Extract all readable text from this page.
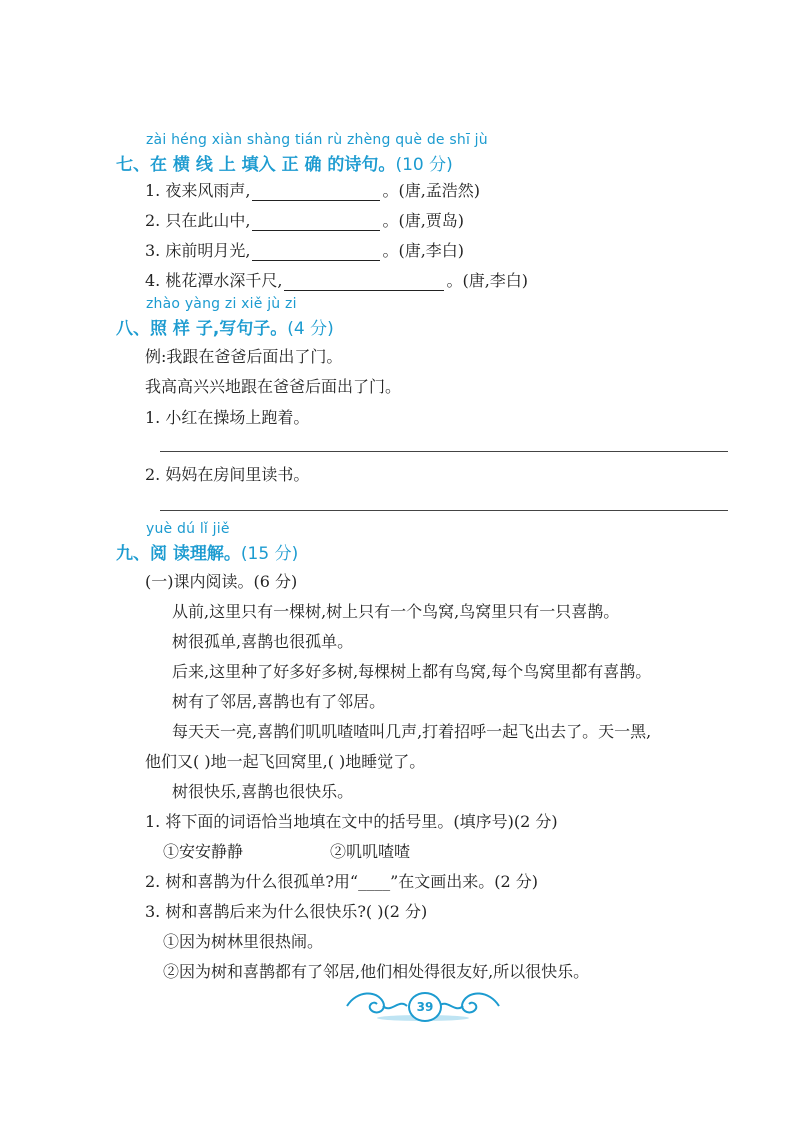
zài héng xiàn shàng tián rù zhèng què de shī jù
七、在 横 线 上 填入 正 确 的诗句。(10 分)
1. 夜来风雨声,	。(唐,孟浩然)
2. 只在此山中,	。(唐,贾岛)
3. 床前明月光,	。(唐,李白)
4. 桃花潭水深千尺,	。(唐,李白)
zhào yàng zi xiě jù zi
八、照 样 子,写句子。(4 分)
例:我跟在爸爸后面出了门。
我高高兴兴地跟在爸爸后面出了门。
1. 小红在操场上跑着。
2. 妈妈在房间里读书。
yuè dú lǐ jiě
九、阅 读理解。(15 分)
(一)课内阅读。(6 分)
从前,这里只有一棵树,树上只有一个鸟窝,鸟窝里只有一只喜鹊。
树很孤单,喜鹊也很孤单。
后来,这里种了好多好多树,每棵树上都有鸟窝,每个鸟窝里都有喜鹊。
树有了邻居,喜鹊也有了邻居。
每天天一亮,喜鹊们叽叽喳喳叫几声,打着招呼一起飞出去了。天一黑,
他们又( )地一起飞回窝里,( )地睡觉了。
树很快乐,喜鹊也很快乐。
1. 将下面的词语恰当地填在文中的括号里。(填序号)(2 分)
①安安静静	②叽叽喳喳
2. 树和喜鹊为什么很孤单?用“____”在文画出来。(2 分)
3. 树和喜鹊后来为什么很快乐?( )(2 分)
①因为树林里很热闹。
②因为树和喜鹊都有了邻居,他们相处得很友好,所以很快乐。
39
